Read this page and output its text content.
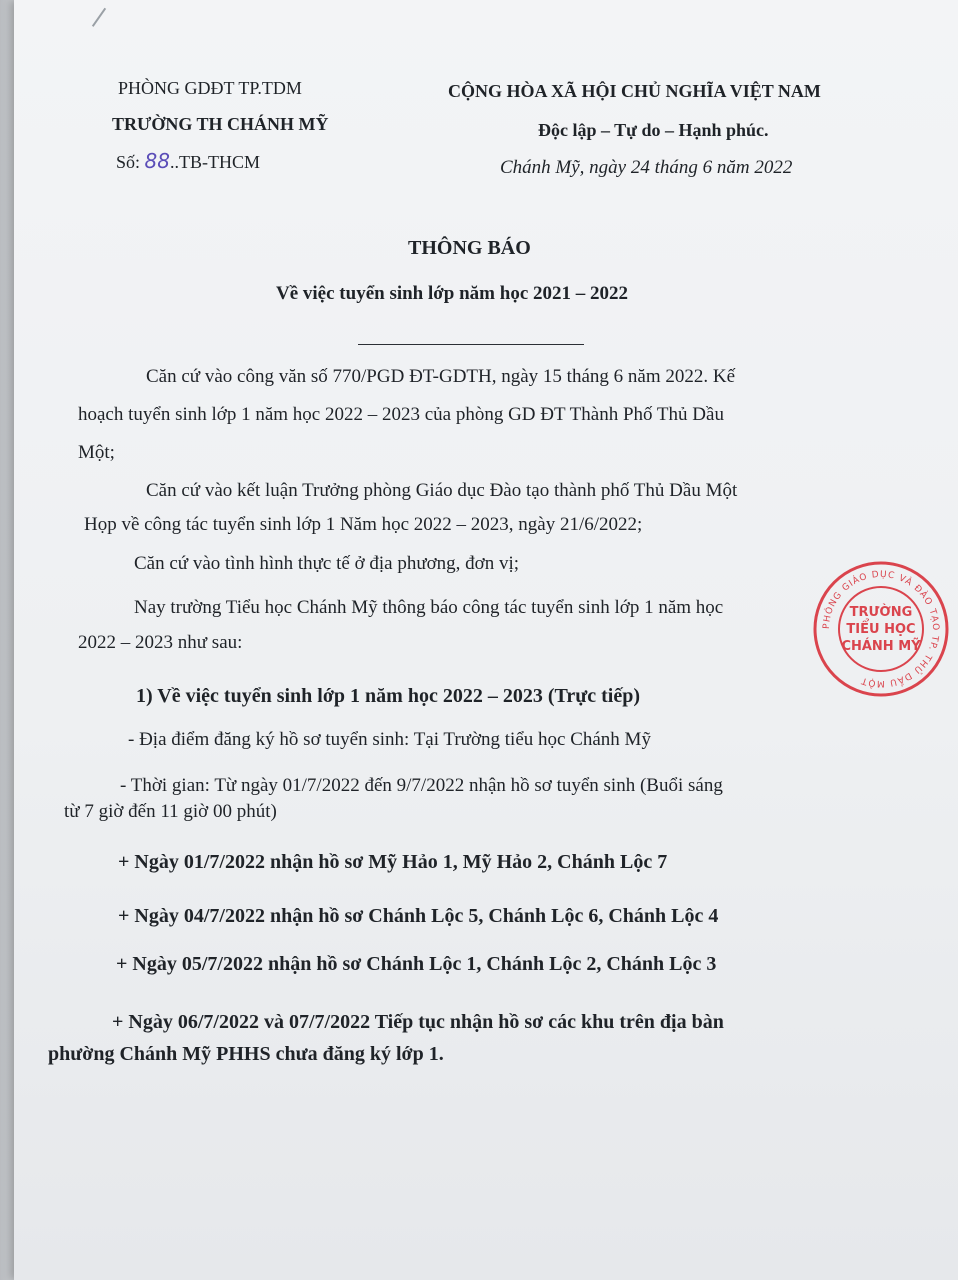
PHÒNG GDĐT TP.TDM
TRƯỜNG TH CHÁNH MỸ
Số: 88..TB-THCM
CỘNG HÒA XÃ HỘI CHỦ NGHĨA VIỆT NAM
Độc lập – Tự do – Hạnh phúc.
Chánh Mỹ, ngày 24 tháng 6 năm 2022
THÔNG BÁO
Về việc tuyển sinh lớp năm học 2021 – 2022
Căn cứ vào công văn số 770/PGD ĐT-GDTH, ngày 15 tháng 6 năm 2022. Kế
hoạch tuyển sinh lớp 1 năm học 2022 – 2023 của phòng GD ĐT Thành Phố Thủ Dầu
Một;
Căn cứ vào kết luận Trưởng phòng Giáo dục Đào tạo thành phố Thủ Dầu Một
Họp về công tác tuyển sinh lớp 1 Năm học 2022 – 2023, ngày 21/6/2022;
Căn cứ vào tình hình thực tế ở địa phương, đơn vị;
Nay trường Tiểu học Chánh Mỹ thông báo công tác tuyển sinh lớp 1 năm học
2022 – 2023 như sau:
1) Về việc tuyển sinh lớp 1 năm học 2022 – 2023 (Trực tiếp)
- Địa điểm đăng ký hồ sơ tuyển sinh: Tại Trường tiểu học Chánh Mỹ
- Thời gian: Từ ngày 01/7/2022 đến 9/7/2022 nhận hồ sơ tuyển sinh (Buổi sáng
từ 7 giờ đến 11 giờ 00 phút)
+ Ngày 01/7/2022 nhận hồ sơ Mỹ Hảo 1, Mỹ Hảo 2, Chánh Lộc 7
+ Ngày 04/7/2022 nhận hồ sơ Chánh Lộc 5, Chánh Lộc 6, Chánh Lộc 4
+ Ngày 05/7/2022 nhận hồ sơ Chánh Lộc 1, Chánh Lộc 2, Chánh Lộc 3
+ Ngày 06/7/2022 và 07/7/2022 Tiếp tục nhận hồ sơ các khu trên địa bàn
phường Chánh Mỹ PHHS chưa đăng ký lớp 1.
PHÒNG GIÁO DỤC VÀ ĐÀO TẠO TP. THỦ DẦU MỘT
TRƯỜNG
TIỂU HỌC
CHÁNH MỸ
